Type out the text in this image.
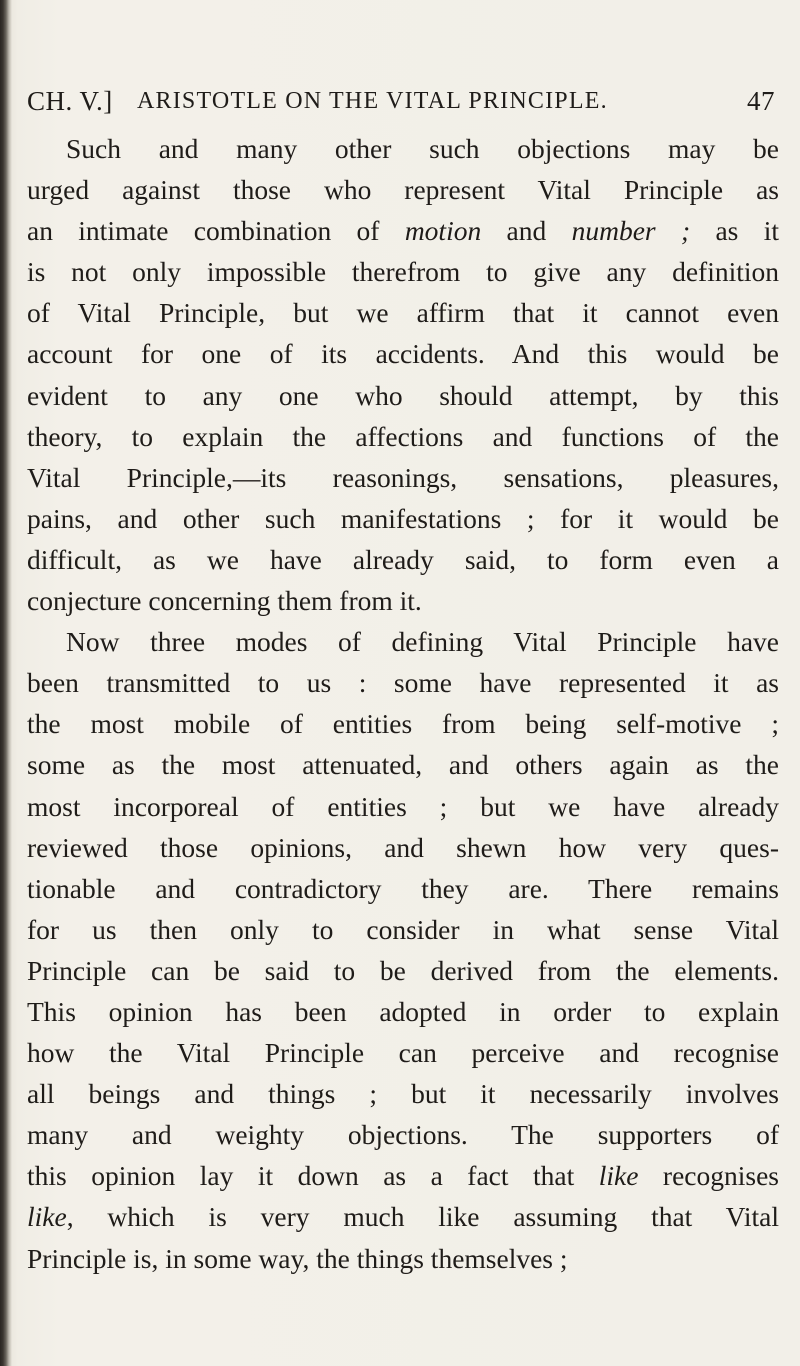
CH. V.] ARISTOTLE ON THE VITAL PRINCIPLE.	47
Such and many other such objections may be
urged against those who represent Vital Principle as
an intimate combination of motion and number ; as it
is not only impossible therefrom to give any definition
of Vital Principle, but we affirm that it cannot even
account for one of its accidents. And this would be
evident to any one who should attempt, by this
theory, to explain the affections and functions of the
Vital Principle,—its reasonings, sensations, pleasures,
pains, and other such manifestations ; for it would be
difficult, as we have already said, to form even a
conjecture concerning them from it.
Now three modes of defining Vital Principle have
been transmitted to us : some have represented it as
the most mobile of entities from being self-motive ;
some as the most attenuated, and others again as the
most incorporeal of entities ; but we have already
reviewed those opinions, and shewn how very ques-
tionable and contradictory they are. There remains
for us then only to consider in what sense Vital
Principle can be said to be derived from the elements.
This opinion has been adopted in order to explain
how the Vital Principle can perceive and recognise
all beings and things ; but it necessarily involves
many and weighty objections. The supporters of
this opinion lay it down as a fact that like recognises
like, which is very much like assuming that Vital
Principle is, in some way, the things themselves ;
